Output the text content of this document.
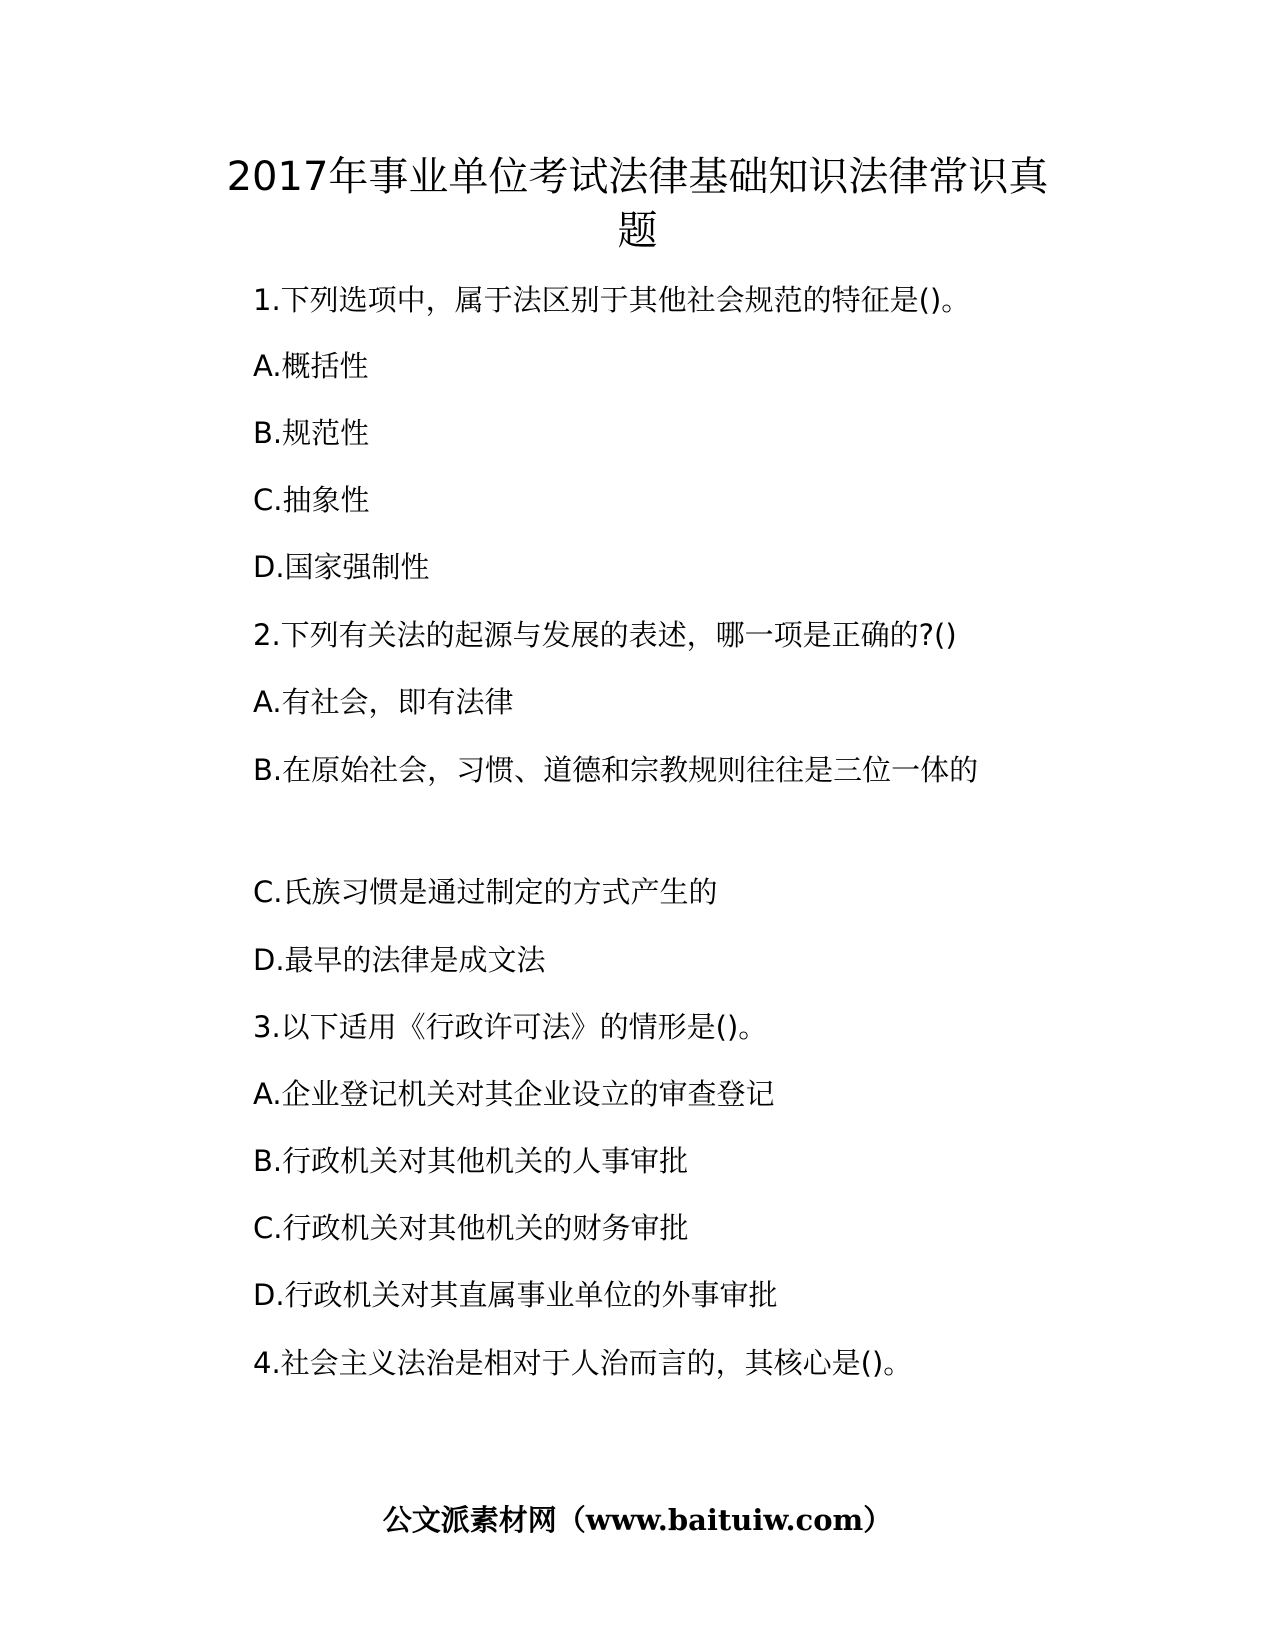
2017年事业单位考试法律基础知识法律常识真
题

1.下列选项中，属于法区别于其他社会规范的特征是()。

A.概括性

B.规范性

C.抽象性

D.国家强制性

2.下列有关法的起源与发展的表述，哪一项是正确的?()

A.有社会，即有法律

B.在原始社会，习惯、道德和宗教规则往往是三位一体的

C.氏族习惯是通过制定的方式产生的

D.最早的法律是成文法

3.以下适用《行政许可法》的情形是()。

A.企业登记机关对其企业设立的审查登记

B.行政机关对其他机关的人事审批

C.行政机关对其他机关的财务审批

D.行政机关对其直属事业单位的外事审批

4.社会主义法治是相对于人治而言的，其核心是()。

公文派素材网（www.baituiw.com）
